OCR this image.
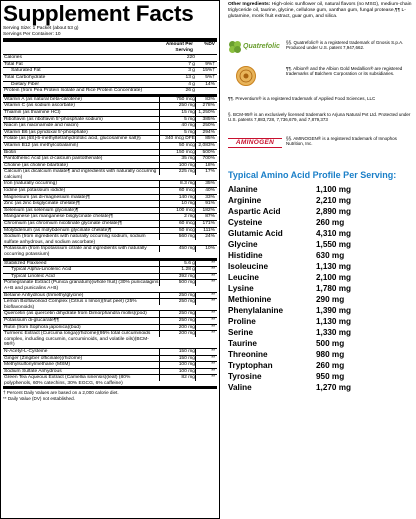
Supplement Facts
Serving Size: 1 Packet (about 53 g)
Servings Per Container: 10
Amount Per Serving
%DV
Calories	220
Total Fat	7 g	9%†
Saturated Fat	3 g	15%†
Total Carbohydrate	13 g	5%†
Dietary Fiber	4 g	14%
Protein (from Pea Protein Isolate and Rice Protein Concentrate)	26 g
Vitamin A (as natural beta-carotene)	750 mcg	83%
Vitamin C (as sodium ascorbate)	250 mg	278%
Thiamin (as thiamine HCl)	15 mg 1,250%
Riboflavin (as riboflavin 5'-phosphate sodium)	5 mg	385%
Niacin (as niacinamide and niacin)	40 mg	250%
Vitamin B6 (as pyridoxal 5'-phosphate)	5 mg	294%
Folate (as [6S]-5-methyltetrahydrofolic acid, glucosamine salt)§	340 mcg DFE	85%
Vitamin B12 (as methylcobalamin)	50 mcg 2,083%
Biotin	150 mcg	500%
Pantothenic Acid (as d-calcium pantothenate)	35 mg	700%
Choline (as choline bitartrate)	100 mg	18%
Calcium (as dicalcium malate¶ and ingredients with naturally occurring calcium)
225 mg	17%
Iron (naturally occurring)	8.3 mg	35%
Iodine (as potassium iodide)	60 mcg	40%
Magnesium (as di-magnesium malate)¶	140 mg	33%
Zinc (as zinc bisglycinate chelate)¶	10 mg	91%
Selenium (as selenium glycinate)¶	100 mcg	182%
Manganese (as manganese bisglycinate chelate)¶	2 mg	87%
Chromium (as chromium nicotinate glycinate chelate)¶	60 mcg	171%
Molybdenum (as molybdenum glycinate chelate)¶	50 mcg	111%
Sodium (from ingredients with naturally occurring sodium, sodium sulfate anhydrous, and sodium ascorbate)
560 mg	24%
Potassium (from tripotassium citrate and ingredients with naturally occurring potassium)
450 mg	10%
Stabilized Flaxseed	5.6 g	**
Typical Alpha-Linolenic Acid	1.28 g	**
Typical Linoleic Acid	392 mg	**
Pomegranate Extract (Punica granatum)(whole fruit) (30% punicalagins A+B and punicalins A+B)
500 mg	**
Betaine Anhydrous (trimethylglycine)	250 mg	**
Lemon Bioflavonoid Complex (Citrus x limon)(fruit peel) (25% bioflavonoids)
250 mg	**
Quercetin (as quercetin dihydrate from Dimorphandra mollis)(pod)	250 mg	**
Potassium di-glucarate¶¶	250 mg	**
Rutin (from Sophora japonica)(bud)	200 mg	**
Turmeric Extract (Curcuma longa)(rhizome)(95% total curcuminoids complex, including curcumin, curcuminoids, and volatile oils)(BCM-95®)
200 mg	**
N-Acetyl-L-Cysteine	150 mg	**
Ginger (Zingiber officinale)(rhizome)	150 mg	**
Methylsulfonylmethane (MSM)	100 mg	**
Sodium Sulfate Anhydrous	100 mg	**
Green Tea Aqueous Extract (Camellia sinensis)(leaf) (80% polyphenols, 60% catechins, 30% EGCG, 6% caffeine)
82 mg	**
† Percent Daily Values are based on a 2,000 calorie diet.
** Daily Value (DV) not established.
Other Ingredients: High-oleic sunflower oil, natural flavors (no MSG), medium-chain triglyceride oil, taurine, glycine, cellulose gum, xanthan gum, fungal protease,¶¶ L-glutamine, monk fruit extract, guar gum, and silica.
Quatrefolic
§§. Quatrefolic® is a registered trademark of Gnosis S.p.A. Produced under U.S. patent 7,947,662.
¶¶. Albion® and the Albion Gold Medallion® are registered trademarks of Balchem Corporation or its subsidiaries.
¶¶. Preventium® is a registered trademark of Applied Food Sciences, LLC
§. BCM-95® is an exclusively licensed trademark to Arjuna Natural Pvt Ltd. Protected under U.S. patents 7,883,728, 7,736,679, and 7,879,373
AMINOGEN
§§. AMINOGEN® is a registered trademark of Innophos Nutrition, Inc.
Typical Amino Acid Profile Per Serving:
Alanine	1,100 mg
Arginine	2,210 mg
Aspartic Acid	2,890 mg
Cysteine	260 mg
Glutamic Acid	4,310 mg
Glycine	1,550 mg
Histidine	630 mg
Isoleucine	1,130 mg
Leucine	2,100 mg
Lysine	1,780 mg
Methionine	290 mg
Phenylalanine	1,390 mg
Proline	1,130 mg
Serine	1,330 mg
Taurine	500 mg
Threonine	980 mg
Tryptophan	260 mg
Tyrosine	950 mg
Valine	1,270 mg
